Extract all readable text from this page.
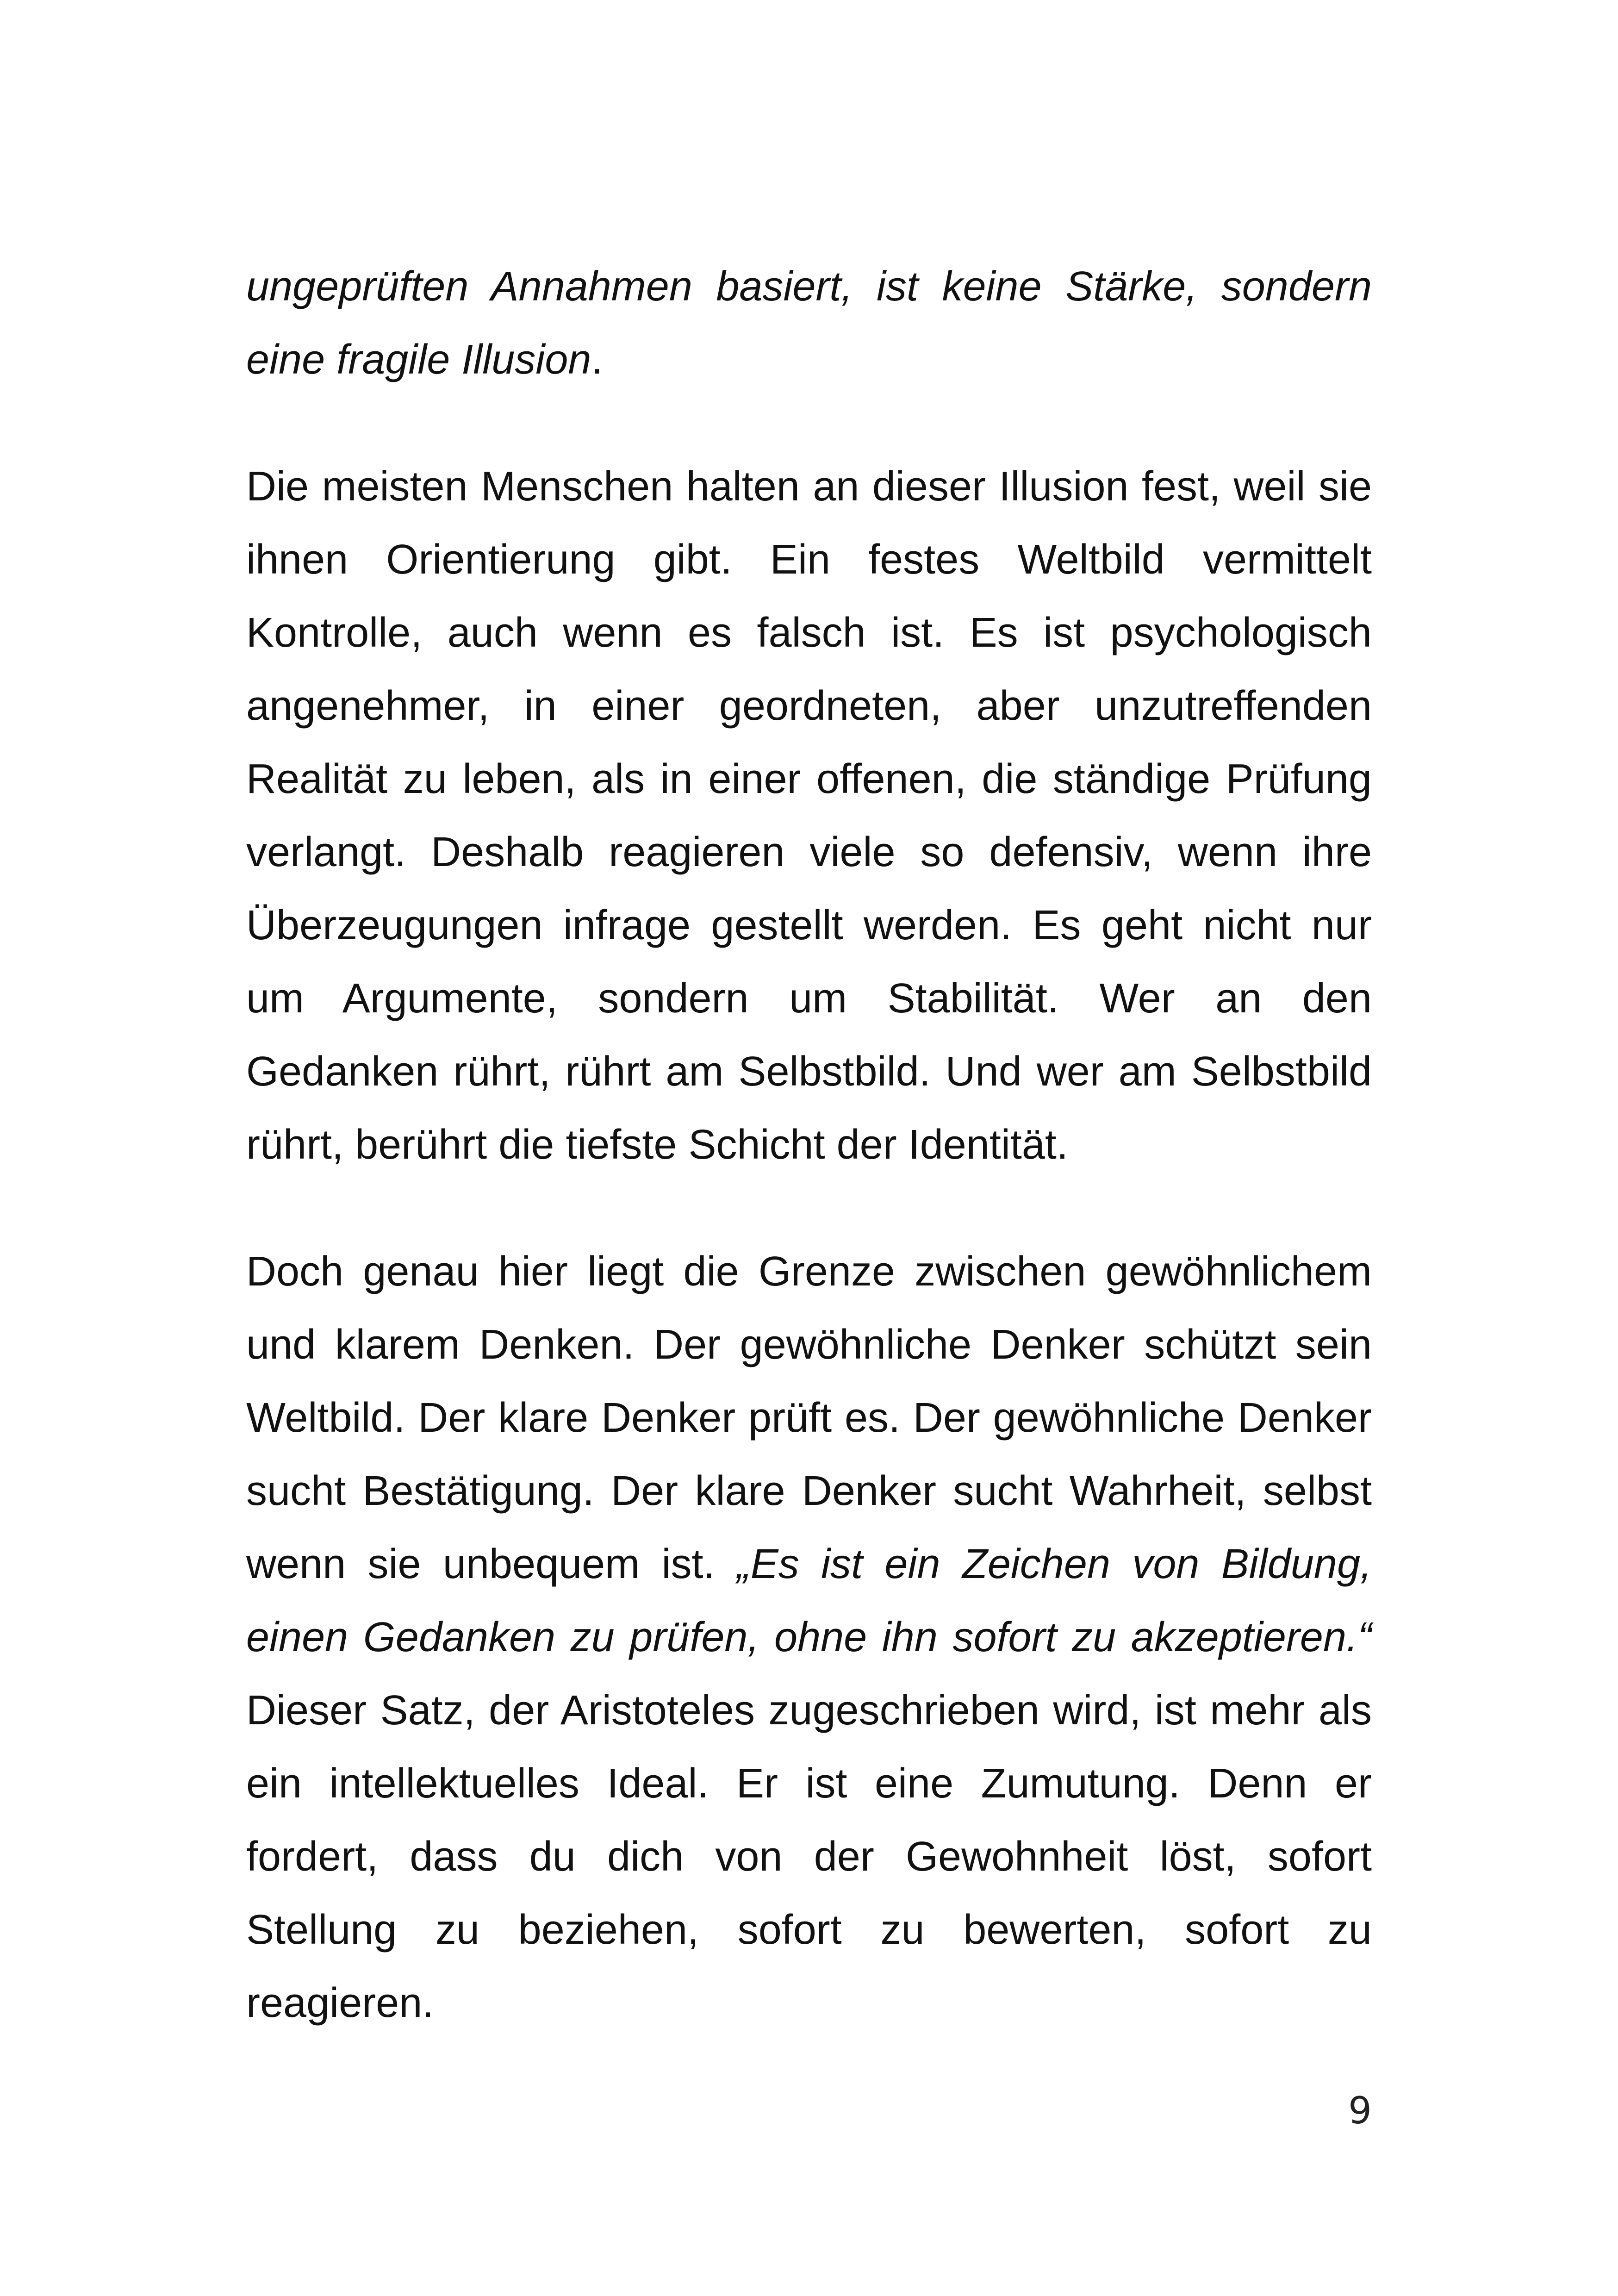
ungeprüften Annahmen basiert, ist keine Stärke, sondern eine fragile Illusion.

Die meisten Menschen halten an dieser Illusion fest, weil sie ihnen Orientierung gibt. Ein festes Weltbild vermittelt Kontrolle, auch wenn es falsch ist. Es ist psychologisch angenehmer, in einer geordneten, aber unzutreffenden Realität zu leben, als in einer offenen, die ständige Prüfung verlangt. Deshalb reagieren viele so defensiv, wenn ihre Überzeugungen infrage gestellt werden. Es geht nicht nur um Argumente, sondern um Stabilität. Wer an den Gedanken rührt, rührt am Selbstbild. Und wer am Selbstbild rührt, berührt die tiefste Schicht der Identität.

Doch genau hier liegt die Grenze zwischen gewöhnlichem und klarem Denken. Der gewöhnliche Denker schützt sein Weltbild. Der klare Denker prüft es. Der gewöhnliche Denker sucht Bestätigung. Der klare Denker sucht Wahrheit, selbst wenn sie unbequem ist. „Es ist ein Zeichen von Bildung, einen Gedanken zu prüfen, ohne ihn sofort zu akzeptieren.“ Dieser Satz, der Aristoteles zugeschrieben wird, ist mehr als ein intellektuelles Ideal. Er ist eine Zumutung. Denn er fordert, dass du dich von der Gewohnheit löst, sofort Stellung zu beziehen, sofort zu bewerten, sofort zu reagieren.

9
